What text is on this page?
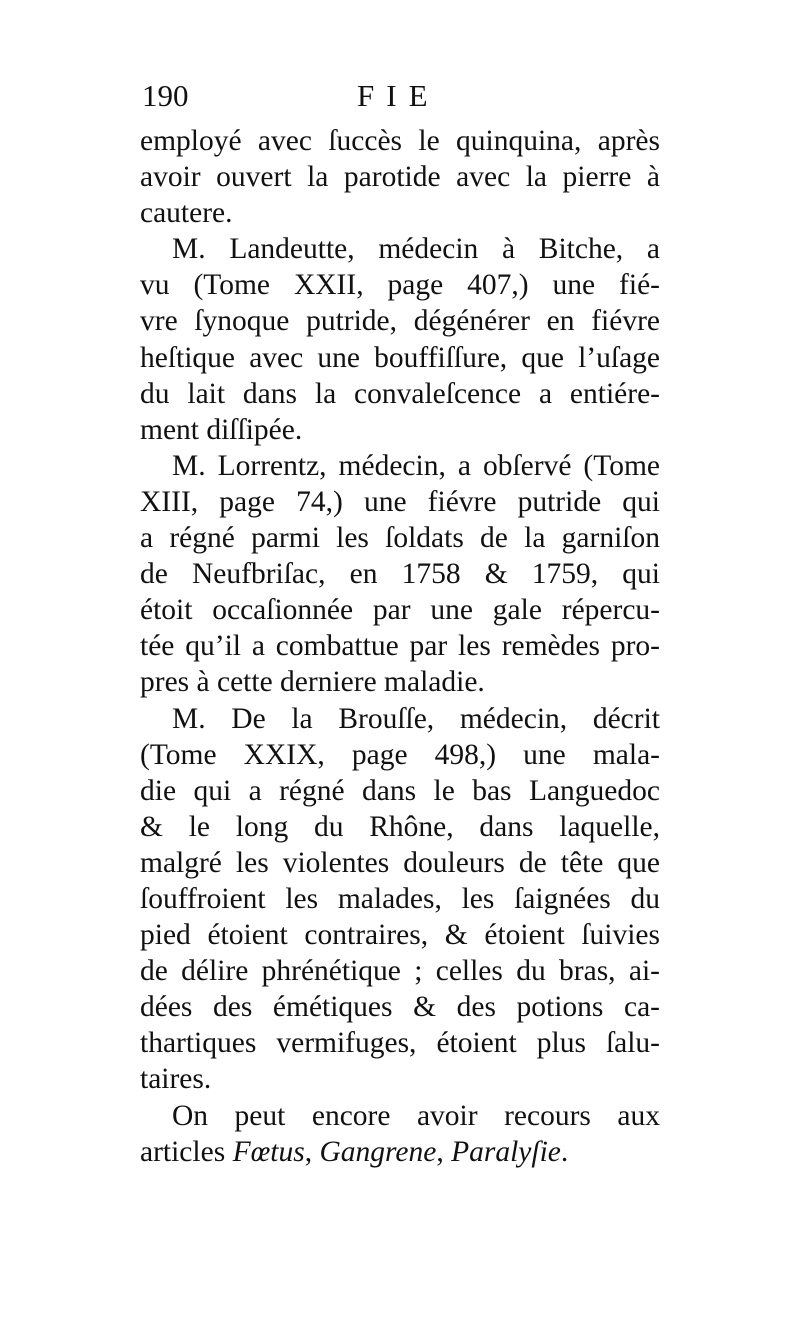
190	FIE
employé avec ſuccès le quinquina, après
avoir ouvert la parotide avec la pierre à
cautere.
M. Landeutte, médecin à Bitche, a
vu (Tome XXII, page 407,) une fié-
vre ſynoque putride, dégénérer en fiévre
heſtique avec une bouffiſſure, que l’uſage
du lait dans la convaleſcence a entiére-
ment diſſipée.
M. Lorrentz, médecin, a obſervé (Tome
XIII, page 74,) une fiévre putride qui
a régné parmi les ſoldats de la garniſon
de Neufbriſac, en 1758 & 1759, qui
étoit occaſionnée par une gale répercu-
tée qu’il a combattue par les remèdes pro-
pres à cette derniere maladie.
M. De la Brouſſe, médecin, décrit
(Tome XXIX, page 498,) une mala-
die qui a régné dans le bas Languedoc
& le long du Rhône, dans laquelle,
malgré les violentes douleurs de tête que
ſouffroient les malades, les ſaignées du
pied étoient contraires, & étoient ſuivies
de délire phrénétique ; celles du bras, ai-
dées des émétiques & des potions ca-
thartiques vermifuges, étoient plus ſalu-
taires.
On peut encore avoir recours aux
articles Fœtus, Gangrene, Paralyſie.
